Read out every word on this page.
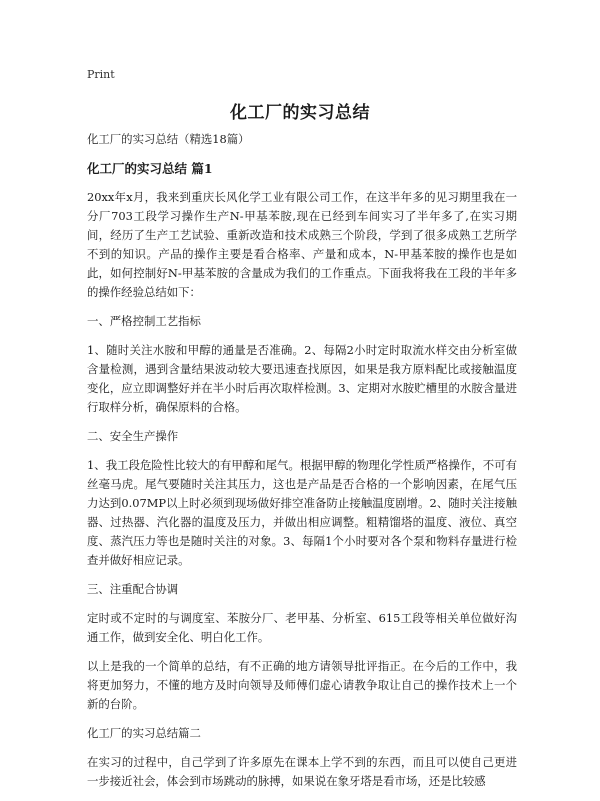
Print
化工厂的实习总结

化工厂的实习总结（精选18篇）

化工厂的实习总结 篇1

20xx年x月，我来到重庆长风化学工业有限公司工作，在这半年多的见习期里我在一分厂703工段学习操作生产N-甲基苯胺,现在已经到车间实习了半年多了,在实习期间，经历了生产工艺试验、重新改造和技术成熟三个阶段，学到了很多成熟工艺所学不到的知识。产品的操作主要是看合格率、产量和成本，N-甲基苯胺的操作也是如此，如何控制好N-甲基苯胺的含量成为我们的工作重点。下面我将我在工段的半年多的操作经验总结如下：

一、严格控制工艺指标

1、随时关注水胺和甲醇的通量是否准确。2、每隔2小时定时取流水样交由分析室做含量检测，遇到含量结果波动较大要迅速查找原因，如果是我方原料配比或接触温度变化，应立即调整好并在半小时后再次取样检测。3、定期对水胺贮槽里的水胺含量进行取样分析，确保原料的合格。

二、安全生产操作

1、我工段危险性比较大的有甲醇和尾气。根据甲醇的物理化学性质严格操作，不可有丝毫马虎。尾气要随时关注其压力，这也是产品是否合格的一个影响因素，在尾气压力达到0.07MP以上时必须到现场做好排空准备防止接触温度剧增。2、随时关注接触器、过热器、汽化器的温度及压力，并做出相应调整。粗精馏塔的温度、液位、真空度、蒸汽压力等也是随时关注的对象。3、每隔1个小时要对各个泵和物料存量进行检查并做好相应记录。

三、注重配合协调

定时或不定时的与调度室、苯胺分厂、老甲基、分析室、615工段等相关单位做好沟通工作，做到安全化、明白化工作。

以上是我的一个简单的总结，有不正确的地方请领导批评指正。在今后的工作中，我将更加努力，不懂的地方及时向领导及师傅们虚心请教争取让自己的操作技术上一个新的台阶。

化工厂的实习总结篇二

在实习的过程中，自己学到了许多原先在课本上学不到的东西，而且可以使自己更进一步接近社会，体会到市场跳动的脉搏，如果说在象牙塔是看市场，还是比较感
